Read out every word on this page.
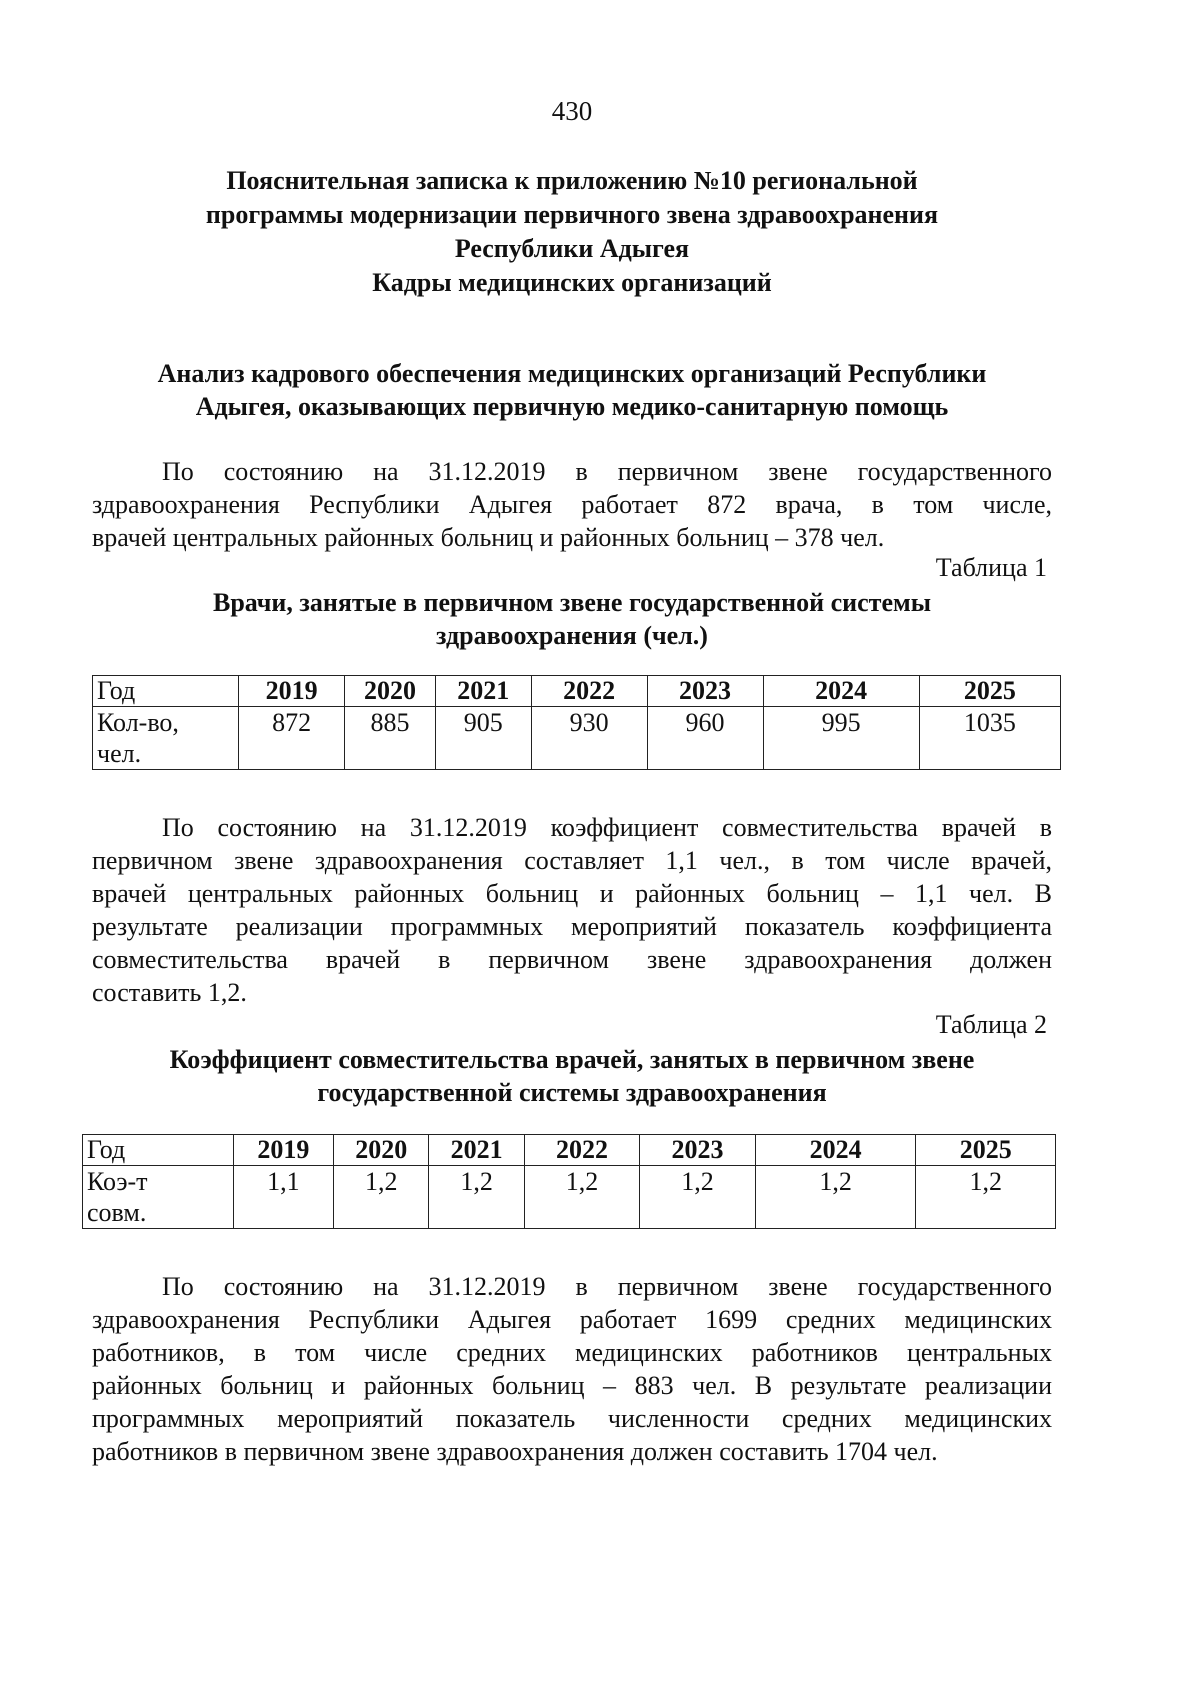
430
Пояснительная записка к приложению №10 региональной
программы модернизации первичного звена здравоохранения
Республики Адыгея
Кадры медицинских организаций
Анализ кадрового обеспечения медицинских организаций Республики
Адыгея, оказывающих первичную медико-санитарную помощь
По состоянию на 31.12.2019 в первичном звене государственного
здравоохранения Республики Адыгея работает 872 врача, в том числе,
врачей центральных районных больниц и районных больниц – 378 чел.
Таблица 1
Врачи, занятые в первичном звене государственной системы
здравоохранения (чел.)
Год	2019	2020	2021	2022	2023	2024	2025

Кол-во,
чел.	872	885	905	930	960	995	1035
По состоянию на 31.12.2019 коэффициент совместительства врачей в
первичном звене здравоохранения составляет 1,1 чел., в том числе врачей,
врачей центральных районных больниц и районных больниц – 1,1 чел. В
результате реализации программных мероприятий показатель коэффициента
совместительства врачей в первичном звене здравоохранения должен
составить 1,2.
Таблица 2
Коэффициент совместительства врачей, занятых в первичном звене
государственной системы здравоохранения
Год	2019	2020	2021	2022	2023	2024	2025

Коэ-т
совм.	1,1	1,2	1,2	1,2	1,2	1,2	1,2
По состоянию на 31.12.2019 в первичном звене государственного
здравоохранения Республики Адыгея работает 1699 средних медицинских
работников, в том числе средних медицинских работников центральных
районных больниц и районных больниц – 883 чел. В результате реализации
программных мероприятий показатель численности средних медицинских
работников в первичном звене здравоохранения должен составить 1704 чел.
